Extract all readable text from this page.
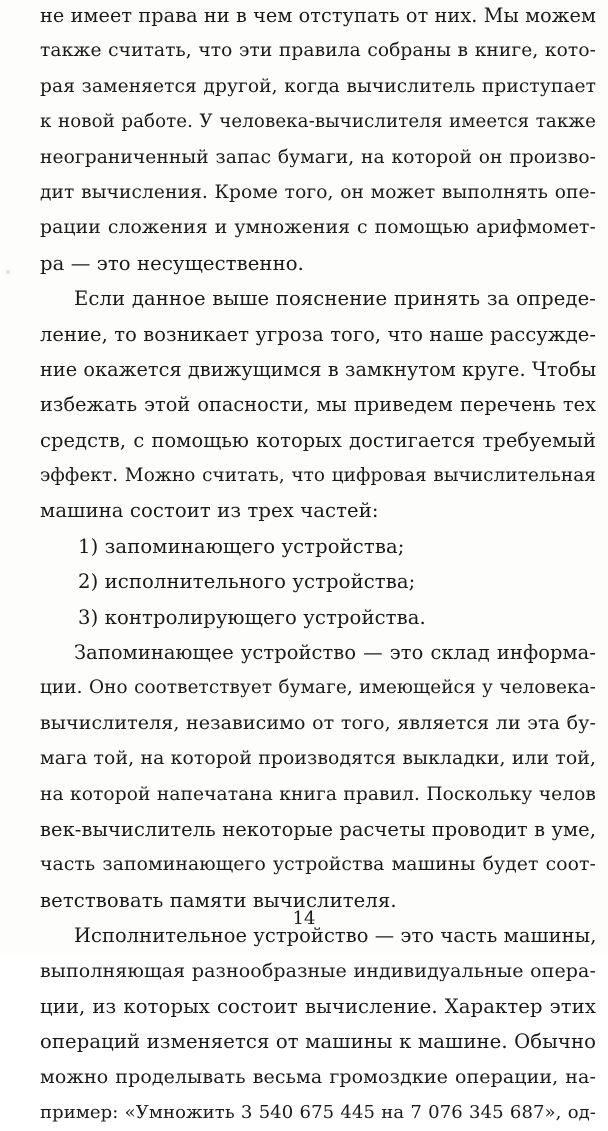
не имеет права ни в чем отступать от них. Мы можем
также считать, что эти правила собраны в книге, кото-
рая заменяется другой, когда вычислитель приступает
к новой работе. У человека-вычислителя имеется также
неограниченный запас бумаги, на которой он произво-
дит вычисления. Кроме того, он может выполнять опе-
рации сложения и умножения с помощью арифмомет-
ра — это несущественно.
Если данное выше пояснение принять за опреде-
ление, то возникает угроза того, что наше рассужде-
ние окажется движущимся в замкнутом круге. Чтобы
избежать этой опасности, мы приведем перечень тех
средств, с помощью которых достигается требуемый
эффект. Можно считать, что цифровая вычислительная
машина состоит из трех частей:
1) запоминающего устройства;
2) исполнительного устройства;
3) контролирующего устройства.
Запоминающее устройство — это склад информа-
ции. Оно соответствует бумаге, имеющейся у человека-
вычислителя, независимо от того, является ли эта бу-
мага той, на которой производятся выкладки, или той,
на которой напечатана книга правил. Поскольку челов
век-вычислитель некоторые расчеты проводит в уме,
часть запоминающего устройства машины будет соот-
ветствовать памяти вычислителя.
Исполнительное устройство — это часть машины,
выполняющая разнообразные индивидуальные опера-
ции, из которых состоит вычисление. Характер этих
операций изменяется от машины к машине. Обычно
можно проделывать весьма громоздкие операции, на-
пример: «Умножить 3 540 675 445 на 7 076 345 687», од-
14
